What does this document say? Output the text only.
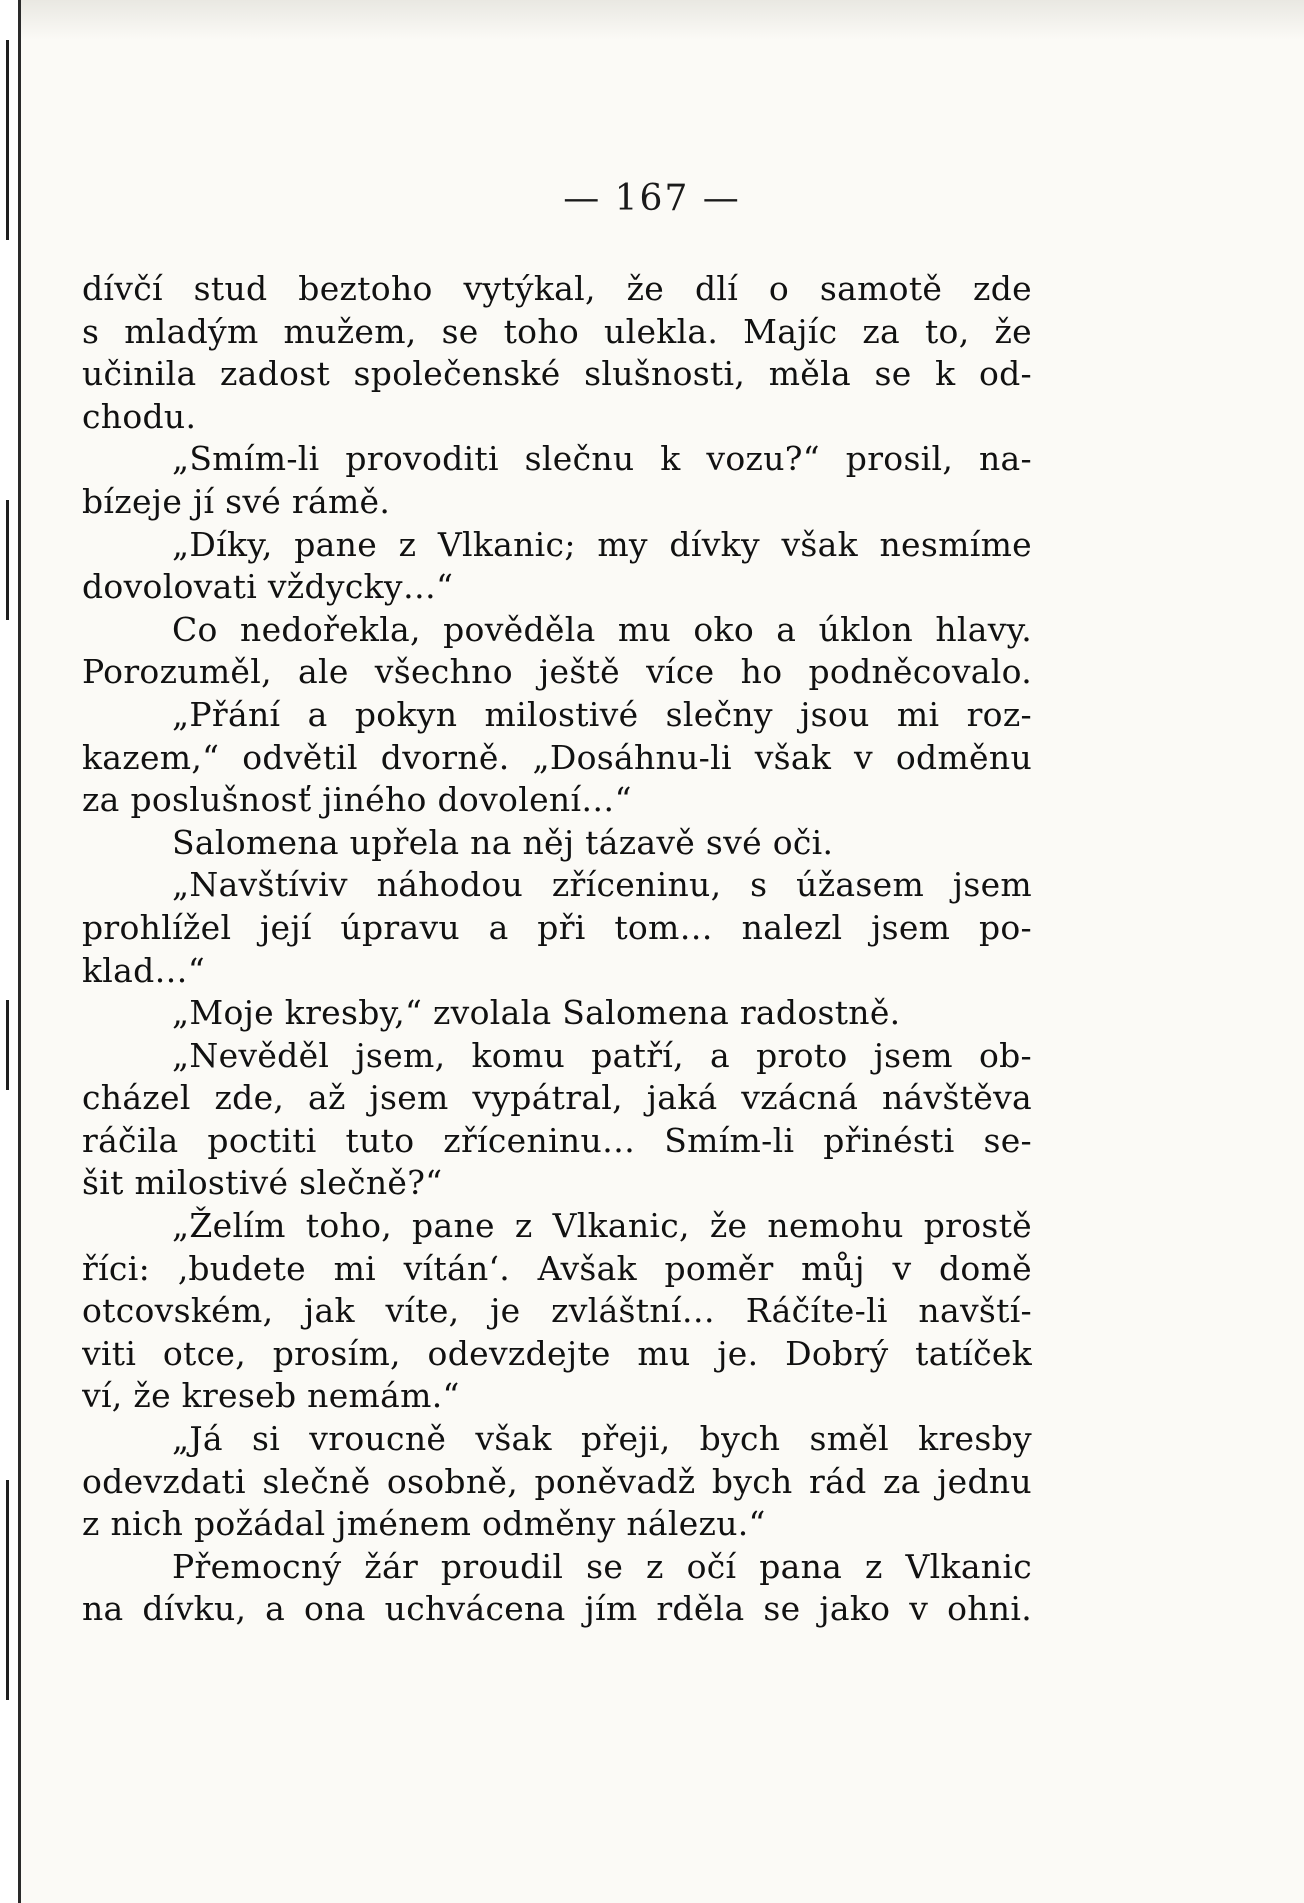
— 167 —
dívčí stud beztoho vytýkal, že dlí o samotě zde
s mladým mužem, se toho ulekla. Majíc za to, že
učinila zadost společenské slušnosti, měla se k od-
chodu.
„Smím-li provoditi slečnu k vozu?“ prosil, na-
bízeje jí své rámě.
„Díky, pane z Vlkanic; my dívky však nesmíme
dovolovati vždycky…“
Co nedořekla, pověděla mu oko a úklon hlavy.
Porozuměl, ale všechno ještě více ho podněcovalo.
„Přání a pokyn milostivé slečny jsou mi roz-
kazem,“ odvětil dvorně. „Dosáhnu-li však v odměnu
za poslušnosť jiného dovolení…“
Salomena upřela na něj tázavě své oči.
„Navštíviv náhodou zříceninu, s úžasem jsem
prohlížel její úpravu a při tom… nalezl jsem po-
klad…“
„Moje kresby,“ zvolala Salomena radostně.
„Nevěděl jsem, komu patří, a proto jsem ob-
cházel zde, až jsem vypátral, jaká vzácná návštěva
ráčila poctiti tuto zříceninu… Smím-li přinésti se-
šit milostivé slečně?“
„Želím toho, pane z Vlkanic, že nemohu prostě
říci: ‚budete mi vítán‘. Avšak poměr můj v domě
otcovském, jak víte, je zvláštní… Ráčíte-li navští-
viti otce, prosím, odevzdejte mu je. Dobrý tatíček
ví, že kreseb nemám.“
„Já si vroucně však přeji, bych směl kresby
odevzdati slečně osobně, poněvadž bych rád za jednu
z nich požádal jménem odměny nálezu.“
Přemocný žár proudil se z očí pana z Vlkanic
na dívku, a ona uchvácena jím rděla se jako v ohni.
